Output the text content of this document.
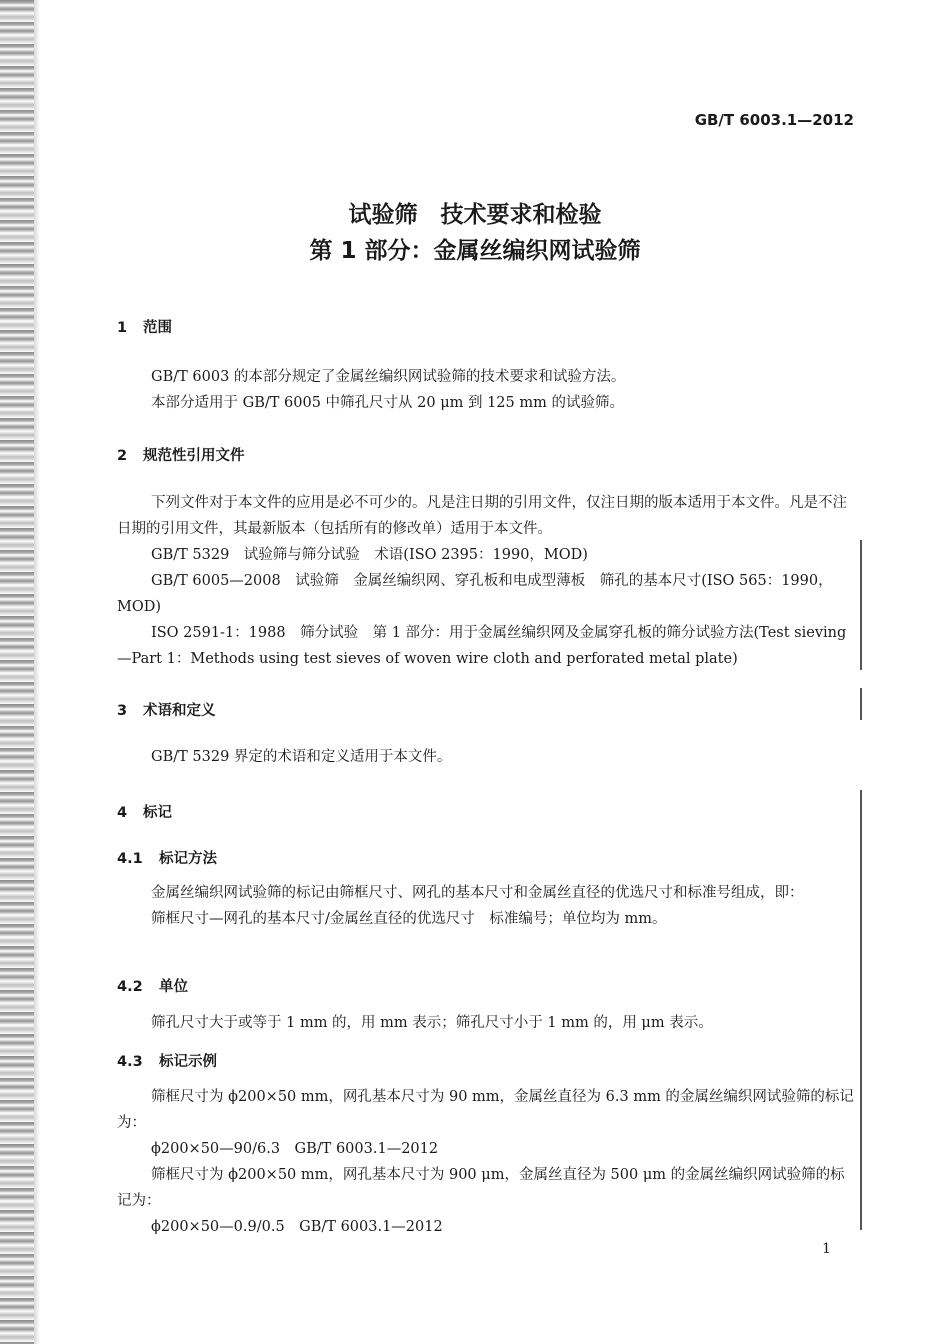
GB/T 6003.1—2012
试验筛　技术要求和检验
第 1 部分：金属丝编织网试验筛
1 范围
GB/T 6003 的本部分规定了金属丝编织网试验筛的技术要求和试验方法。
本部分适用于 GB/T 6005 中筛孔尺寸从 20 μm 到 125 mm 的试验筛。
2 规范性引用文件
下列文件对于本文件的应用是必不可少的。凡是注日期的引用文件，仅注日期的版本适用于本文件。凡是不注日期的引用文件，其最新版本（包括所有的修改单）适用于本文件。
GB/T 5329　试验筛与筛分试验　术语(ISO 2395：1990，MOD)
GB/T 6005—2008　试验筛　金属丝编织网、穿孔板和电成型薄板　筛孔的基本尺寸(ISO 565：1990，MOD)
ISO 2591-1：1988　筛分试验　第 1 部分：用于金属丝编织网及金属穿孔板的筛分试验方法(Test sieving—Part 1：Methods using test sieves of woven wire cloth and perforated metal plate)
3 术语和定义
GB/T 5329 界定的术语和定义适用于本文件。
4 标记
4.1 标记方法
金属丝编织网试验筛的标记由筛框尺寸、网孔的基本尺寸和金属丝直径的优选尺寸和标准号组成，即：
筛框尺寸—网孔的基本尺寸/金属丝直径的优选尺寸　标准编号；单位均为 mm。
4.2 单位
筛孔尺寸大于或等于 1 mm 的，用 mm 表示；筛孔尺寸小于 1 mm 的，用 μm 表示。
4.3 标记示例
筛框尺寸为 ϕ200×50 mm，网孔基本尺寸为 90 mm，金属丝直径为 6.3 mm 的金属丝编织网试验筛的标记为：
ϕ200×50—90/6.3　GB/T 6003.1—2012
筛框尺寸为 ϕ200×50 mm，网孔基本尺寸为 900 μm，金属丝直径为 500 μm 的金属丝编织网试验筛的标记为：
ϕ200×50—0.9/0.5　GB/T 6003.1—2012
1
